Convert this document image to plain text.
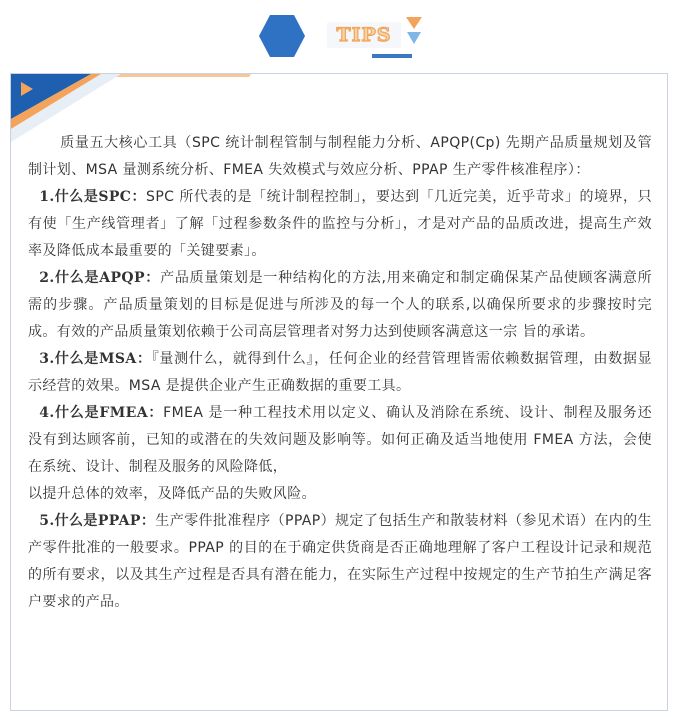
TIPS

质量五大核心工具（SPC 统计制程管制与制程能力分析、APQP(Cp) 先期产品质量规划及管制计划、MSA 量测系统分析、FMEA 失效模式与效应分析、PPAP 生产零件核准程序）：

1.什么是SPC：SPC 所代表的是「统计制程控制」，要达到「几近完美，近乎苛求」的境界，只有使「生产线管理者」了解「过程参数条件的监控与分析」，才是对产品的品质改进，提高生产效率及降低成本最重要的「关键要素」。

2.什么是APQP：产品质量策划是一种结构化的方法,用来确定和制定确保某产品使顾客满意所需的步骤。产品质量策划的目标是促进与所涉及的每一个人的联系,以确保所要求的步骤按时完成。有效的产品质量策划依赖于公司高层管理者对努力达到使顾客满意这一宗 旨的承诺。

3.什么是MSA：『量测什么，就得到什么』，任何企业的经营管理皆需依赖数据管理，由数据显示经营的效果。MSA 是提供企业产生正确数据的重要工具。

4.什么是FMEA：FMEA 是一种工程技术用以定义、确认及消除在系统、设计、制程及服务还没有到达顾客前，已知的或潜在的失效问题及影响等。如何正确及适当地使用 FMEA 方法，会使在系统、设计、制程及服务的风险降低，

以提升总体的效率，及降低产品的失败风险。

5.什么是PPAP：生产零件批准程序（PPAP）规定了包括生产和散装材料（参见术语）在内的生产零件批准的一般要求。PPAP 的目的在于确定供货商是否正确地理解了客户工程设计记录和规范的所有要求，以及其生产过程是否具有潜在能力，在实际生产过程中按规定的生产节拍生产满足客户要求的产品。
